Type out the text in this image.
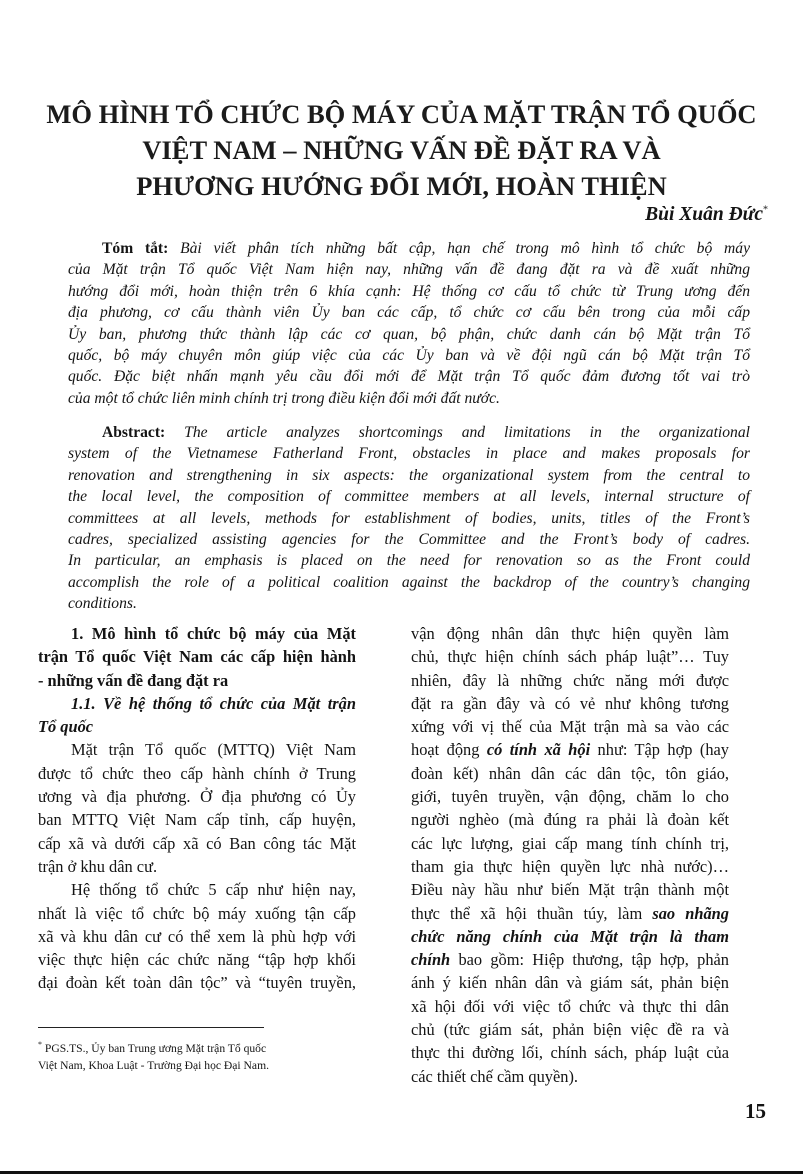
MÔ HÌNH TỔ CHỨC BỘ MÁY CỦA MẶT TRẬN TỔ QUỐC
VIỆT NAM – NHỮNG VẤN ĐỀ ĐẶT RA VÀ
PHƯƠNG HƯỚNG ĐỔI MỚI, HOÀN THIỆN
Bùi Xuân Đức*
Tóm tắt: Bài viết phân tích những bất cập, hạn chế trong mô hình tổ chức bộ máy
của Mặt trận Tổ quốc Việt Nam hiện nay, những vấn đề đang đặt ra và đề xuất những
hướng đổi mới, hoàn thiện trên 6 khía cạnh: Hệ thống cơ cấu tổ chức từ Trung ương đến
địa phương, cơ cấu thành viên Ủy ban các cấp, tổ chức cơ cấu bên trong của mỗi cấp
Ủy ban, phương thức thành lập các cơ quan, bộ phận, chức danh cán bộ Mặt trận Tổ
quốc, bộ máy chuyên môn giúp việc của các Ủy ban và về đội ngũ cán bộ Mặt trận Tổ
quốc. Đặc biệt nhấn mạnh yêu cầu đổi mới để Mặt trận Tổ quốc đảm đương tốt vai trò
của một tổ chức liên minh chính trị trong điều kiện đổi mới đất nước.
Abstract: The article analyzes shortcomings and limitations in the organizational
system of the Vietnamese Fatherland Front, obstacles in place and makes proposals for
renovation and strengthening in six aspects: the organizational system from the central to
the local level, the composition of committee members at all levels, internal structure of
committees at all levels, methods for establishment of bodies, units, titles of the Front’s
cadres, specialized assisting agencies for the Committee and the Front’s body of cadres.
In particular, an emphasis is placed on the need for renovation so as the Front could
accomplish the role of a political coalition against the backdrop of the country’s changing
conditions.
1. Mô hình tổ chức bộ máy của Mặt
trận Tổ quốc Việt Nam các cấp hiện hành
- những vấn đề đang đặt ra
1.1. Về hệ thống tổ chức của Mặt trận
Tổ quốc
Mặt trận Tổ quốc (MTTQ) Việt Nam
được tổ chức theo cấp hành chính ở Trung
ương và địa phương. Ở địa phương có Ủy
ban MTTQ Việt Nam cấp tỉnh, cấp huyện,
cấp xã và dưới cấp xã có Ban công tác Mặt
trận ở khu dân cư.
Hệ thống tổ chức 5 cấp như hiện nay,
nhất là việc tổ chức bộ máy xuống tận cấp
xã và khu dân cư có thể xem là phù hợp với
việc thực hiện các chức năng “tập hợp khối
đại đoàn kết toàn dân tộc” và “tuyên truyền,
vận động nhân dân thực hiện quyền làm
chủ, thực hiện chính sách pháp luật”… Tuy
nhiên, đây là những chức năng mới được
đặt ra gần đây và có vẻ như không tương
xứng với vị thế của Mặt trận mà sa vào các
hoạt động có tính xã hội như: Tập hợp (hay
đoàn kết) nhân dân các dân tộc, tôn giáo,
giới, tuyên truyền, vận động, chăm lo cho
người nghèo (mà đúng ra phải là đoàn kết
các lực lượng, giai cấp mang tính chính trị,
tham gia thực hiện quyền lực nhà nước)…
Điều này hầu như biến Mặt trận thành một
thực thể xã hội thuần túy, làm sao nhãng
chức năng chính của Mặt trận là tham
chính bao gồm: Hiệp thương, tập hợp, phản
ánh ý kiến nhân dân và giám sát, phản biện
xã hội đối với việc tổ chức và thực thi dân
chủ (tức giám sát, phản biện việc đề ra và
thực thi đường lối, chính sách, pháp luật của
các thiết chế cầm quyền).
* PGS.TS., Ủy ban Trung ương Mặt trận Tổ quốc
Việt Nam, Khoa Luật - Trường Đại học Đại Nam.
15
